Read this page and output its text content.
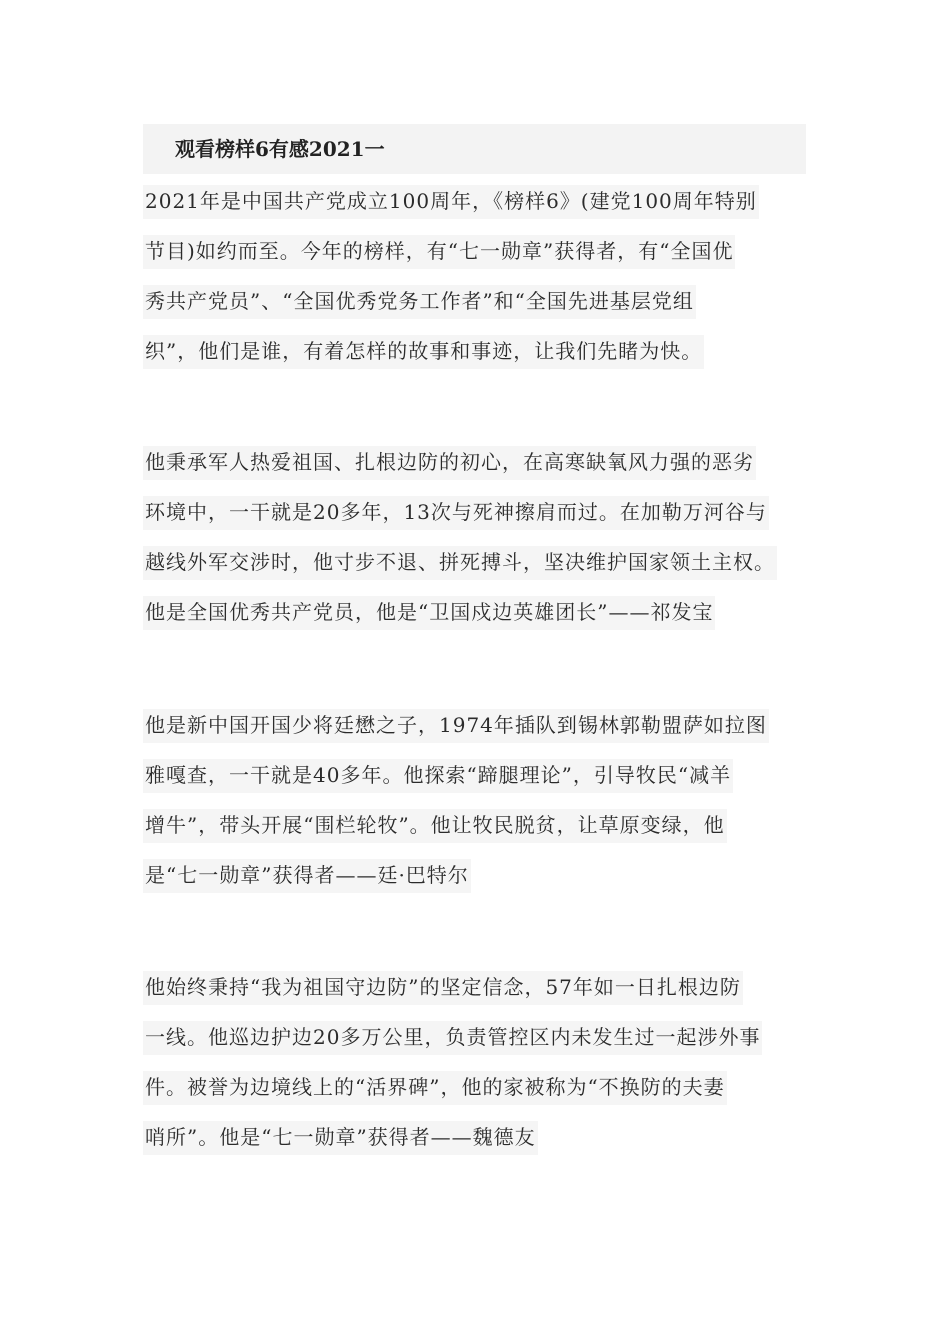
观看榜样6有感2021一
2021年是中国共产党成立100周年，《榜样6》(建党100周年特别
节目)如约而至。今年的榜样，有“七一勋章”获得者，有“全国优
秀共产党员”、“全国优秀党务工作者”和“全国先进基层党组
织”，他们是谁，有着怎样的故事和事迹，让我们先睹为快。
他秉承军人热爱祖国、扎根边防的初心，在高寒缺氧风力强的恶劣
环境中，一干就是20多年，13次与死神擦肩而过。在加勒万河谷与
越线外军交涉时，他寸步不退、拼死搏斗，坚决维护国家领土主权。
他是全国优秀共产党员，他是“卫国戍边英雄团长”——祁发宝
他是新中国开国少将廷懋之子，1974年插队到锡林郭勒盟萨如拉图
雅嘎查，一干就是40多年。他探索“蹄腿理论”，引导牧民“减羊
增牛”，带头开展“围栏轮牧”。他让牧民脱贫，让草原变绿，他
是“七一勋章”获得者——廷·巴特尔
他始终秉持“我为祖国守边防”的坚定信念，57年如一日扎根边防
一线。他巡边护边20多万公里，负责管控区内未发生过一起涉外事
件。被誉为边境线上的“活界碑”，他的家被称为“不换防的夫妻
哨所”。他是“七一勋章”获得者——魏德友
